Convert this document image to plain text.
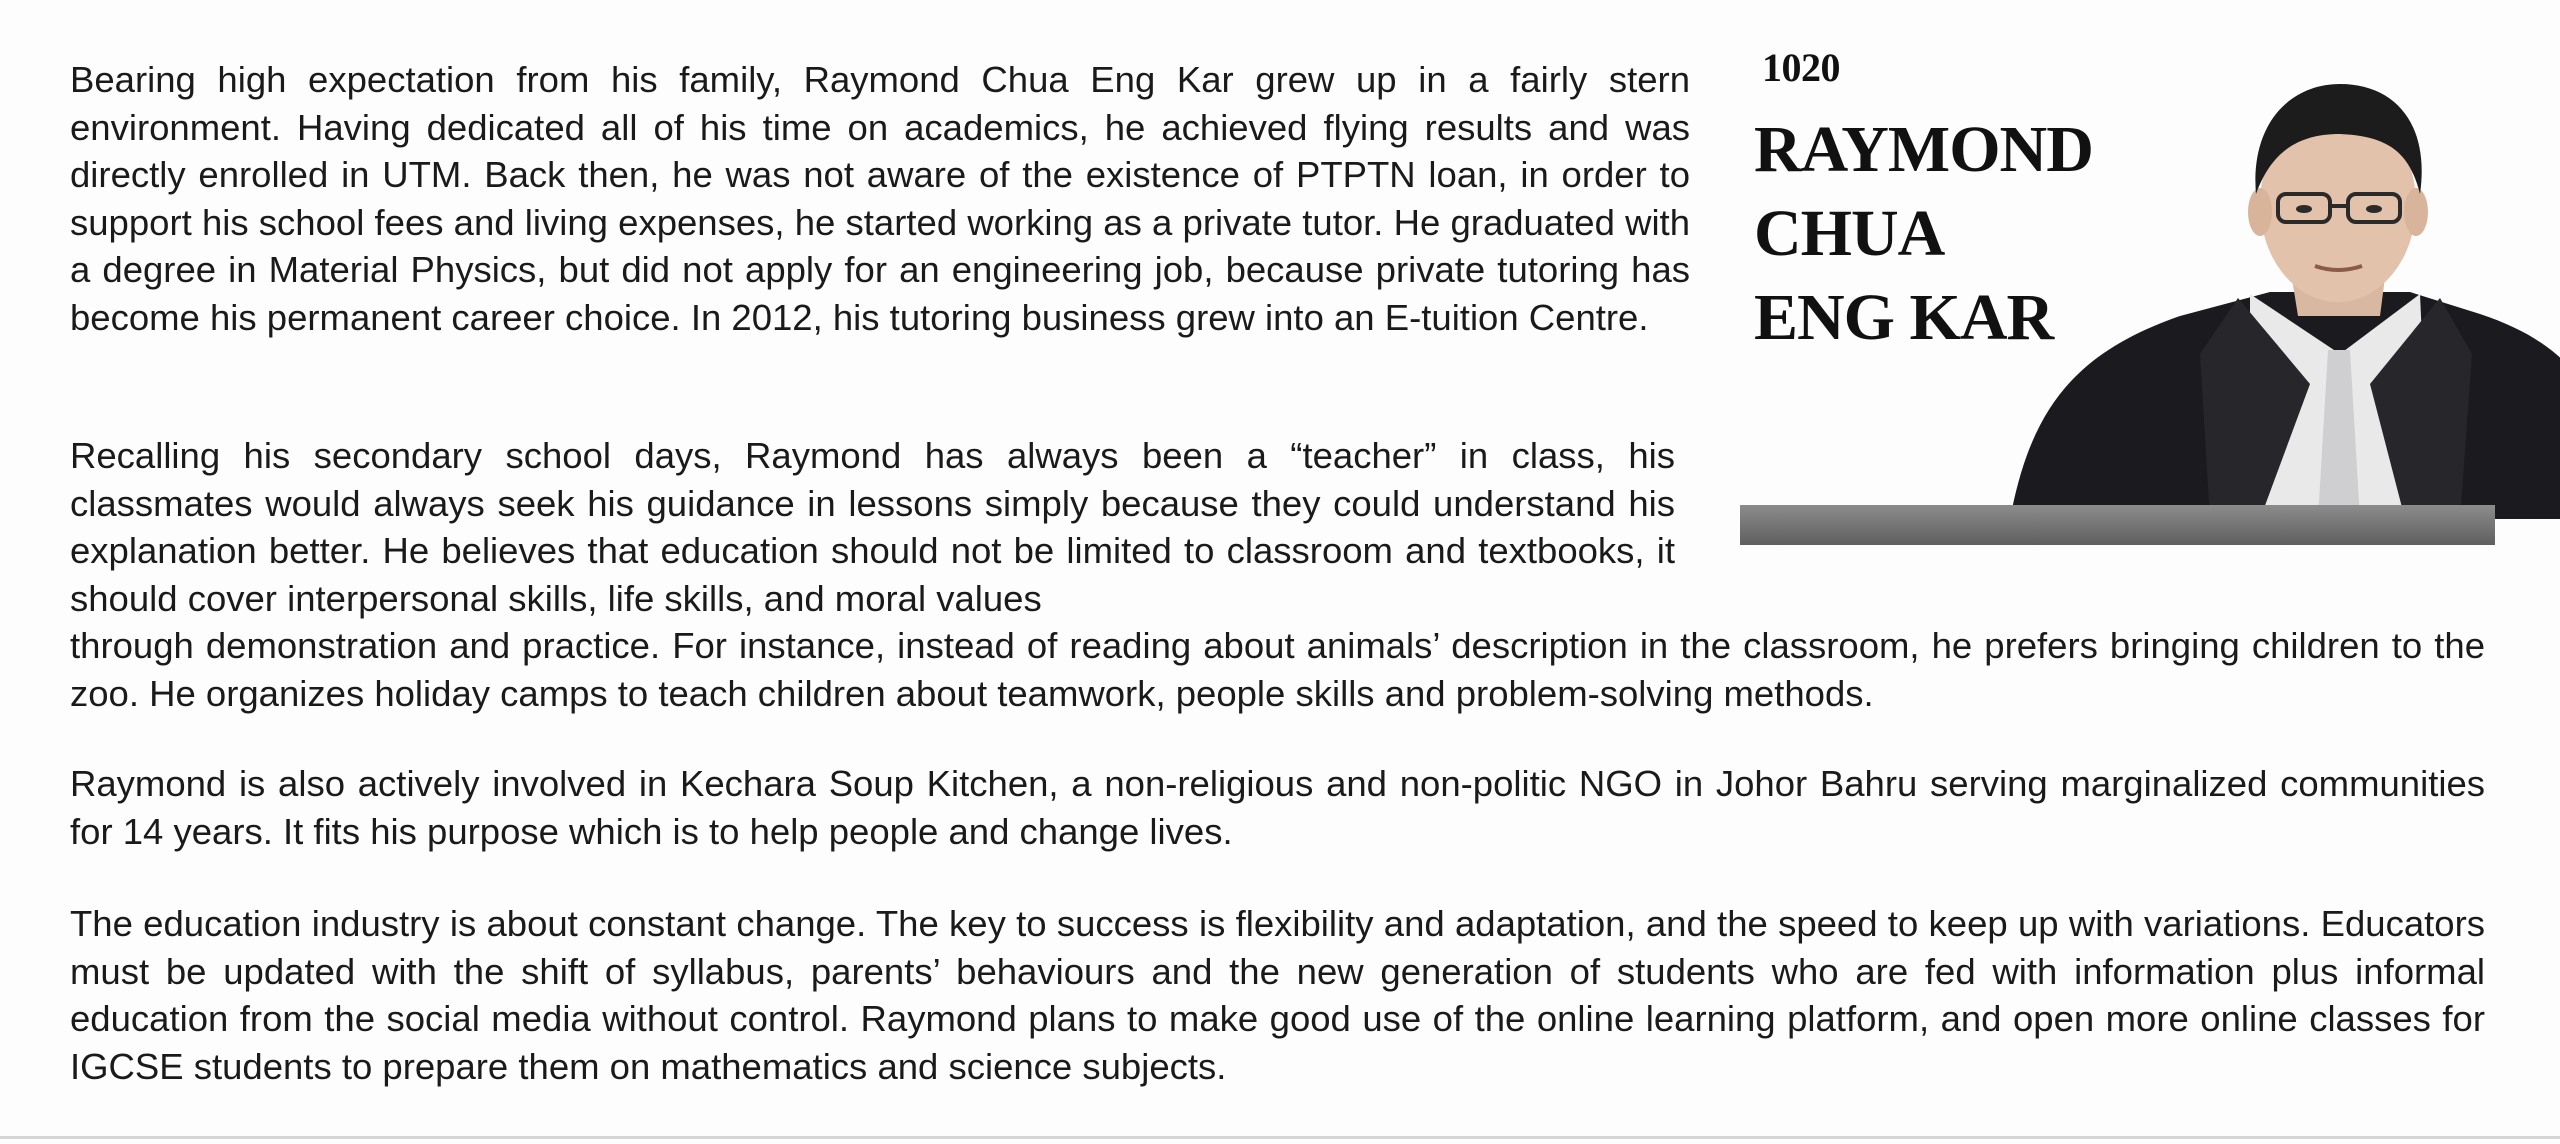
1020
RAYMOND
CHUA
ENG KAR

Bearing high expectation from his family, Raymond Chua Eng Kar grew up in a fairly stern environment. Having dedicated all of his time on academics, he achieved flying results and was directly enrolled in UTM. Back then, he was not aware of the existence of PTPTN loan, in order to support his school fees and living expenses, he started working as a private tutor. He graduated with a degree in Material Physics, but did not apply for an engineering job, because private tutoring has become his permanent career choice. In 2012, his tutoring business grew into an E-tuition Centre.

Recalling his secondary school days, Raymond has always been a “teacher” in class, his classmates would always seek his guidance in lessons simply because they could understand his explanation better. He believes that education should not be limited to classroom and textbooks, it should cover interpersonal skills, life skills, and moral values
through demonstration and practice. For instance, instead of reading about animals’ description in the classroom, he prefers bringing children to the zoo. He organizes holiday camps to teach children about teamwork, people skills and problem-solving methods.

Raymond is also actively involved in Kechara Soup Kitchen, a non-religious and non-politic NGO in Johor Bahru serving marginalized communities for 14 years. It fits his purpose which is to help people and change lives.

The education industry is about constant change. The key to success is flexibility and adaptation, and the speed to keep up with variations. Educators must be updated with the shift of syllabus, parents’ behaviours and the new generation of students who are fed with information plus informal education from the social media without control. Raymond plans to make good use of the online learning platform, and open more online classes for IGCSE students to prepare them on mathematics and science subjects.
